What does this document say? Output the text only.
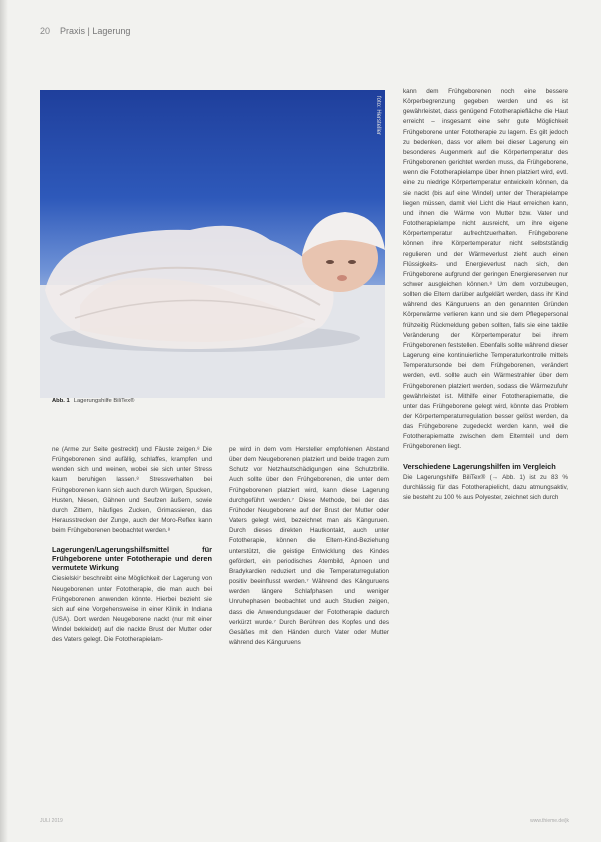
20 Praxis | Lagerung
foto: Hersteller
Abb. 1 Lagerungshilfe BiliTex®

ne (Arme zur Seite gestreckt) und Fäuste zeigen.⁸ Die Frühgeborenen sind aufällig, schlaffes, krampfen und wenden sich und weinen, wobei sie sich unter Stress kaum beruhigen lassen.⁸ Stressverhalten bei Frühgeborenen kann sich auch durch Würgen, Spucken, Husten, Niesen, Gähnen und Seufzen äußern, sowie durch Zittern, häufiges Zucken, Grimassieren, das Herausstrecken der Zunge, auch der Moro-Reflex kann beim Frühgeborenen beobachtet werden.⁸

Lagerungen/Lagerungshilfsmittel für Frühgeborene unter Fototherapie und deren vermutete Wirkung

Ciesielski⁷ beschreibt eine Möglichkeit der Lagerung von Neugeborenen unter Fototherapie, die man auch bei Frühgeborenen anwenden könnte. Hierbei bezieht sie sich auf eine Vorgehensweise in einer Klinik in Indiana (USA). Dort werden Neugeborene nackt (nur mit einer Windel bekleidet) auf die nackte Brust der Mutter oder des Vaters gelegt. Die Fototherapielam-

pe wird in dem vom Hersteller empfohlenen Abstand über dem Neugeborenen platziert und beide tragen zum Schutz vor Netzhautschädigungen eine Schutzbrille. Auch sollte über den Frühgeborenen, die unter dem Frühgeborenen platziert wird, kann diese Lagerung durchgeführt werden.⁷ Diese Methode, bei der das Frühoder Neugeborene auf der Brust der Mutter oder Vaters gelegt wird, bezeichnet man als Känguruen. Durch dieses direkten Hautkontakt, auch unter Fototherapie, können die Eltern-Kind-Beziehung unterstützt, die geistige Entwicklung des Kindes gefördert, ein periodisches Atembild, Apnoen und Bradykardien reduziert und die Temperaturregulation positiv beeinflusst werden.⁷ Während des Känguruens werden längere Schlafphasen und weniger Unruhephasen beobachtet und auch Studien zeigen, dass die Anwendungsdauer der Fototherapie dadurch verkürzt wurde.⁷ Durch Berühren des Kopfes und des Gesäßes mit den Händen durch Vater oder Mutter während des Känguruens

kann dem Frühgeborenen noch eine bessere Körperbegrenzung gegeben werden und es ist gewährleistet, dass genügend Fototherapiefläche die Haut erreicht – insgesamt eine sehr gute Möglichkeit Frühgeborene unter Fototherapie zu lagern. Es gilt jedoch zu bedenken, dass vor allem bei dieser Lagerung ein besonderes Augenmerk auf die Körpertemperatur des Frühgeborenen gerichtet werden muss, da Frühgeborene, wenn die Fototherapielampe über ihnen platziert wird, evtl. eine zu niedrige Körpertemperatur entwickeln können, da sie nackt (bis auf eine Windel) unter der Therapielampe liegen müssen, damit viel Licht die Haut erreichen kann, und ihnen die Wärme von Mutter bzw. Vater und Fototherapielampe nicht ausreicht, um ihre eigene Körpertemperatur aufrechtzuerhalten. Frühgeborene können ihre Körpertemperatur nicht selbstständig regulieren und der Wärmeverlust zieht auch einen Flüssigkeits- und Energieverlust nach sich, den Frühgeborene aufgrund der geringen Energiereserven nur schwer ausgleichen können.⁸ Um dem vorzubeugen, sollten die Eltern darüber aufgeklärt werden, dass ihr Kind während des Känguruens an den genannten Gründen Körperwärme verlieren kann und sie dem Pflegepersonal frühzeitig Rückmeldung geben sollten, falls sie eine taktile Veränderung der Körpertemperatur bei ihrem Frühgeborenen feststellen. Ebenfalls sollte während dieser Lagerung eine kontinuierliche Temperaturkontrolle mittels Temperatursonde bei dem Frühgeborenen, verändert werden, evtl. sollte auch ein Wärmestrahler über dem Frühgeborenen platziert werden, sodass die Wärmezufuhr gewährleistet ist. Mithilfe einer Fototherapiematte, die unter das Frühgeborene gelegt wird, könnte das Problem der Körpertemperaturregulation besser gelöst werden, da das Frühgeborene zugedeckt werden kann, weil die Fototherapiematte zwischen dem Elternteil und dem Frühgeborenen liegt.

Verschiedene Lagerungshilfen im Vergleich

Die Lagerungshilfe BiliTex® (→ Abb. 1) ist zu 83 % durchlässig für das Fototherapielicht, dazu atmungsaktiv, sie besteht zu 100 % aus Polyester, zeichnet sich durch

JULI 2019	www.thieme.de/jk
